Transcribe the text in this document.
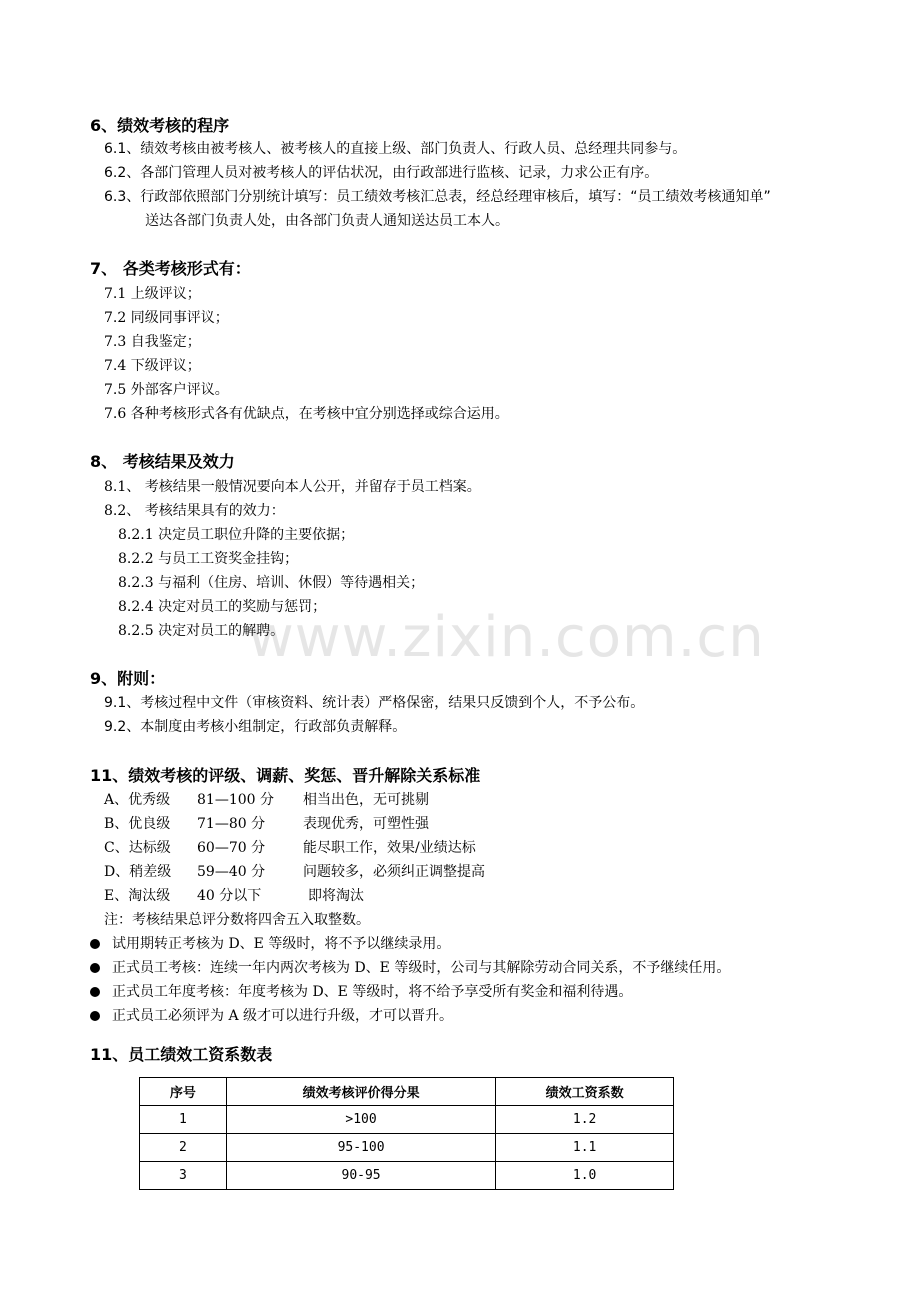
www.zixin.com.cn
6、绩效考核的程序
6.1、绩效考核由被考核人、被考核人的直接上级、部门负责人、行政人员、总经理共同参与。
6.2、各部门管理人员对被考核人的评估状况，由行政部进行监核、记录，力求公正有序。
6.3、行政部依照部门分别统计填写：员工绩效考核汇总表，经总经理审核后，填写：“员工绩效考核通知单”
送达各部门负责人处，由各部门负责人通知送达员工本人。
7、 各类考核形式有：
7.1 上级评议；
7.2 同级同事评议；
7.3 自我鉴定；
7.4 下级评议；
7.5 外部客户评议。
7.6 各种考核形式各有优缺点，在考核中宜分别选择或综合运用。
8、 考核结果及效力
8.1、 考核结果一般情况要向本人公开，并留存于员工档案。
8.2、 考核结果具有的效力：
8.2.1 决定员工职位升降的主要依据；
8.2.2 与员工工资奖金挂钩；
8.2.3 与福利（住房、培训、休假）等待遇相关；
8.2.4 决定对员工的奖励与惩罚；
8.2.5 决定对员工的解聘。
9、附则：
9.1、考核过程中文件（审核资料、统计表）严格保密，结果只反馈到个人，不予公布。
9.2、本制度由考核小组制定，行政部负责解释。
11、绩效考核的评级、调薪、奖惩、晋升解除关系标准
A、优秀级 81—100 分 相当出色，无可挑剔
B、优良级 71—80 分	表现优秀，可塑性强
C、达标级 60—70 分	能尽职工作，效果/业绩达标
D、稍差级 59—40 分	问题较多，必须纠正调整提高
E、淘汰级 40 分以下	即将淘汰
注：考核结果总评分数将四舍五入取整数。
试用期转正考核为 D、E 等级时，将不予以继续录用。
正式员工考核：连续一年内两次考核为 D、E 等级时，公司与其解除劳动合同关系，不予继续任用。
正式员工年度考核：年度考核为 D、E 等级时，将不给予享受所有奖金和福利待遇。
正式员工必须评为 A 级才可以进行升级，才可以晋升。
11、员工绩效工资系数表
序号	绩效考核评价得分果	绩效工资系数
1	>100	1.2
2	95-100	1.1
3	90-95	1.0
